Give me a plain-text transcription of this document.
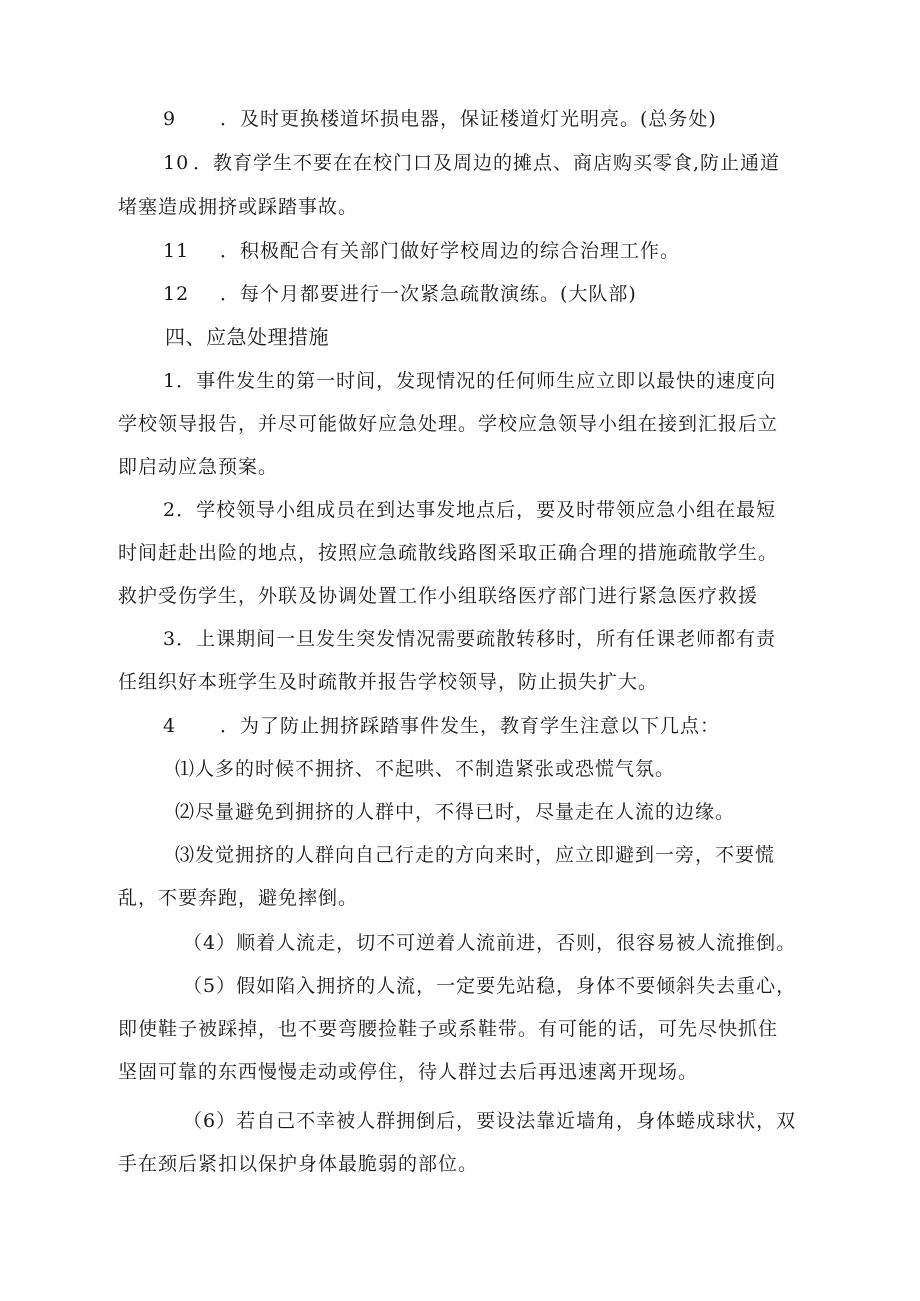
9 ．及时更换楼道坏损电器，保证楼道灯光明亮。(总务处)
10 ．教育学生不要在在校门口及周边的摊点、商店购买零食,防止通道
堵塞造成拥挤或踩踏事故。
11 ．积极配合有关部门做好学校周边的综合治理工作。
12 ．每个月都要进行一次紧急疏散演练。(大队部)
四、应急处理措施
1．事件发生的第一时间，发现情况的任何师生应立即以最快的速度向
学校领导报告，并尽可能做好应急处理。学校应急领导小组在接到汇报后立
即启动应急预案。
2．学校领导小组成员在到达事发地点后，要及时带领应急小组在最短
时间赶赴出险的地点，按照应急疏散线路图采取正确合理的措施疏散学生。
救护受伤学生，外联及协调处置工作小组联络医疗部门进行紧急医疗救援
3．上课期间一旦发生突发情况需要疏散转移时，所有任课老师都有责
任组织好本班学生及时疏散并报告学校领导，防止损失扩大。
4 ．为了防止拥挤踩踏事件发生，教育学生注意以下几点：
⑴人多的时候不拥挤、不起哄、不制造紧张或恐慌气氛。
⑵尽量避免到拥挤的人群中，不得已时，尽量走在人流的边缘。
⑶发觉拥挤的人群向自己行走的方向来时，应立即避到一旁，不要慌
乱，不要奔跑，避免摔倒。
（4）顺着人流走，切不可逆着人流前进，否则，很容易被人流推倒。
（5）假如陷入拥挤的人流，一定要先站稳，身体不要倾斜失去重心，
即使鞋子被踩掉，也不要弯腰捡鞋子或系鞋带。有可能的话，可先尽快抓住
坚固可靠的东西慢慢走动或停住，待人群过去后再迅速离开现场。
（6）若自己不幸被人群拥倒后，要设法靠近墙角，身体蜷成球状，双
手在颈后紧扣以保护身体最脆弱的部位。
